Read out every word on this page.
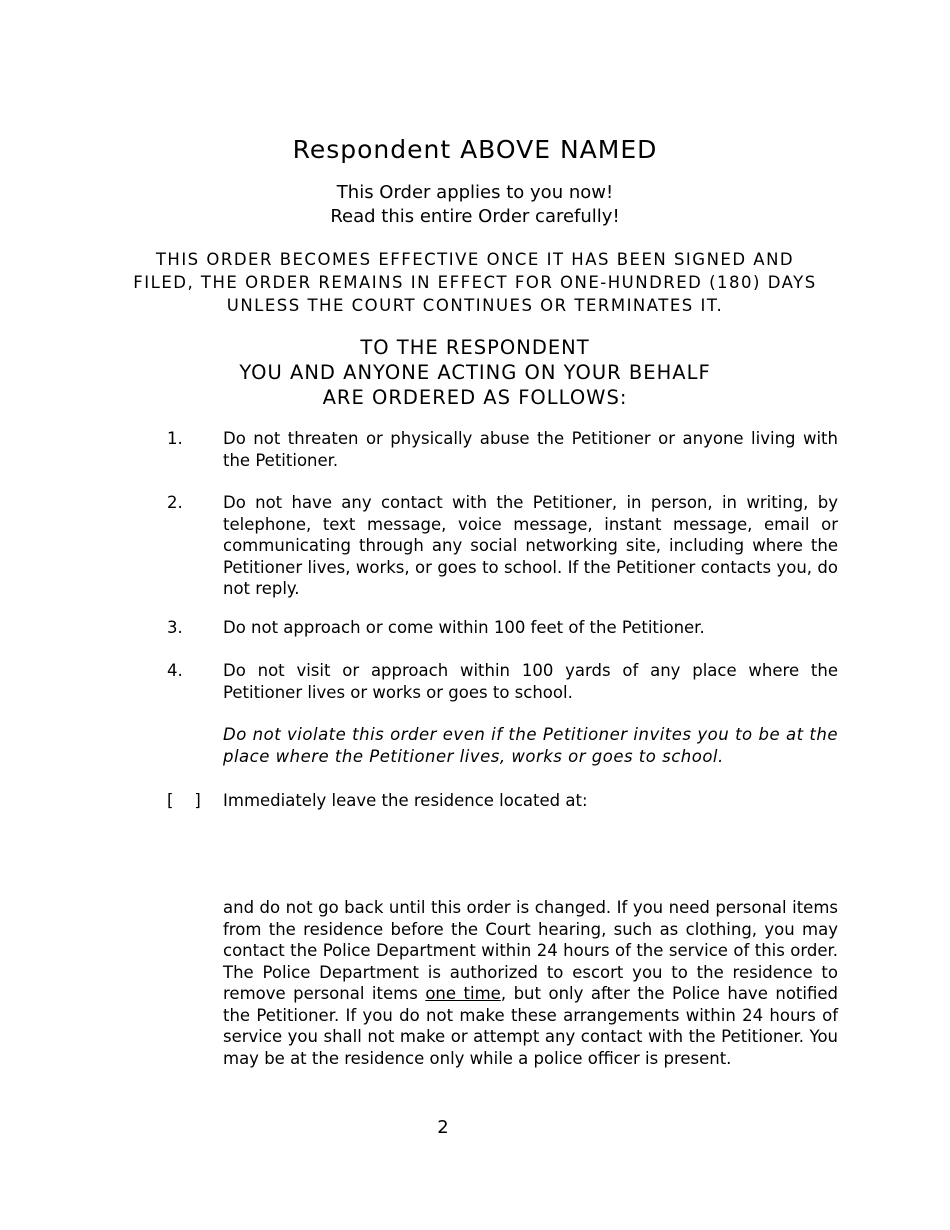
Respondent ABOVE NAMED
This Order applies to you now!
Read this entire Order carefully!
THIS ORDER BECOMES EFFECTIVE ONCE IT HAS BEEN SIGNED AND
FILED, THE ORDER REMAINS IN EFFECT FOR ONE-HUNDRED (180) DAYS
UNLESS THE COURT CONTINUES OR TERMINATES IT.
TO THE RESPONDENT
YOU AND ANYONE ACTING ON YOUR BEHALF
ARE ORDERED AS FOLLOWS:
1.	Do not threaten or physically abuse the Petitioner or anyone living with the Petitioner.
2.	Do not have any contact with the Petitioner, in person, in writing, by telephone, text message, voice message, instant message, email or communicating through any social networking site, including where the Petitioner lives, works, or goes to school. If the Petitioner contacts you, do not reply.
3.	Do not approach or come within 100 feet of the Petitioner.
4.	Do not visit or approach within 100 yards of any place where the Petitioner lives or works or goes to school.
Do not violate this order even if the Petitioner invites you to be at the place where the Petitioner lives, works or goes to school.
[    ]	Immediately leave the residence located at:
and do not go back until this order is changed. If you need personal items from the residence before the Court hearing, such as clothing, you may contact the Police Department within 24 hours of the service of this order. The Police Department is authorized to escort you to the residence to remove personal items one time, but only after the Police have notified the Petitioner. If you do not make these arrangements within 24 hours of service you shall not make or attempt any contact with the Petitioner. You may be at the residence only while a police officer is present.
2
